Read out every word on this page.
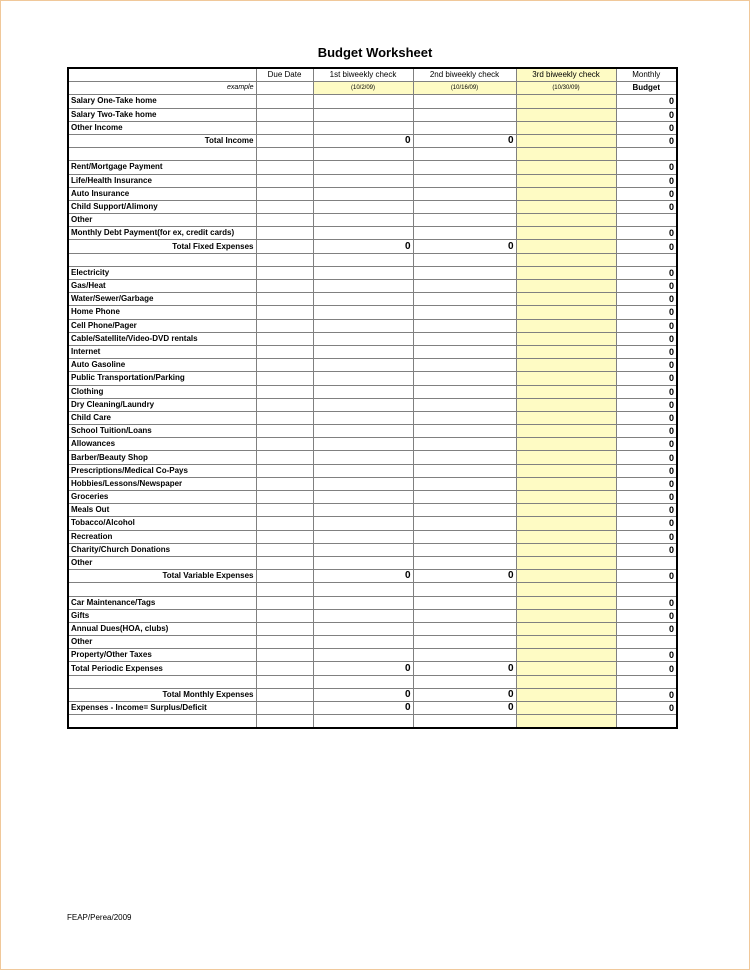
Budget Worksheet
	Due Date	1st biweekly check	2nd biweekly check	3rd biweekly check	Monthly
example		(10/2/09)	(10/16/09)	(10/30/09)	Budget
Salary One-Take home					0
Salary Two-Take home					0
Other Income					0
Total Income		0	0		0

Rent/Mortgage Payment					0
Life/Health Insurance					0
Auto Insurance					0
Child Support/Alimony					0
Other					
Monthly Debt Payment(for ex, credit cards)					0
Total Fixed Expenses		0	0		0

Electricity					0
Gas/Heat					0
Water/Sewer/Garbage					0
Home Phone					0
Cell Phone/Pager					0
Cable/Satellite/Video-DVD rentals					0
Internet					0
Auto Gasoline					0
Public Transportation/Parking					0
Clothing					0
Dry Cleaning/Laundry					0
Child Care					0
School Tuition/Loans					0
Allowances					0
Barber/Beauty Shop					0
Prescriptions/Medical Co-Pays					0
Hobbies/Lessons/Newspaper					0
Groceries					0
Meals Out					0
Tobacco/Alcohol					0
Recreation					0
Charity/Church Donations					0
Other					
Total Variable Expenses		0	0		0

Car Maintenance/Tags					0
Gifts					0
Annual Dues(HOA, clubs)					0
Other					
Property/Other Taxes					0
Total Periodic Expenses		0	0		0

Total Monthly Expenses		0	0		0
Expenses - Income= Surplus/Deficit		0	0		0

FEAP/Perea/2009
